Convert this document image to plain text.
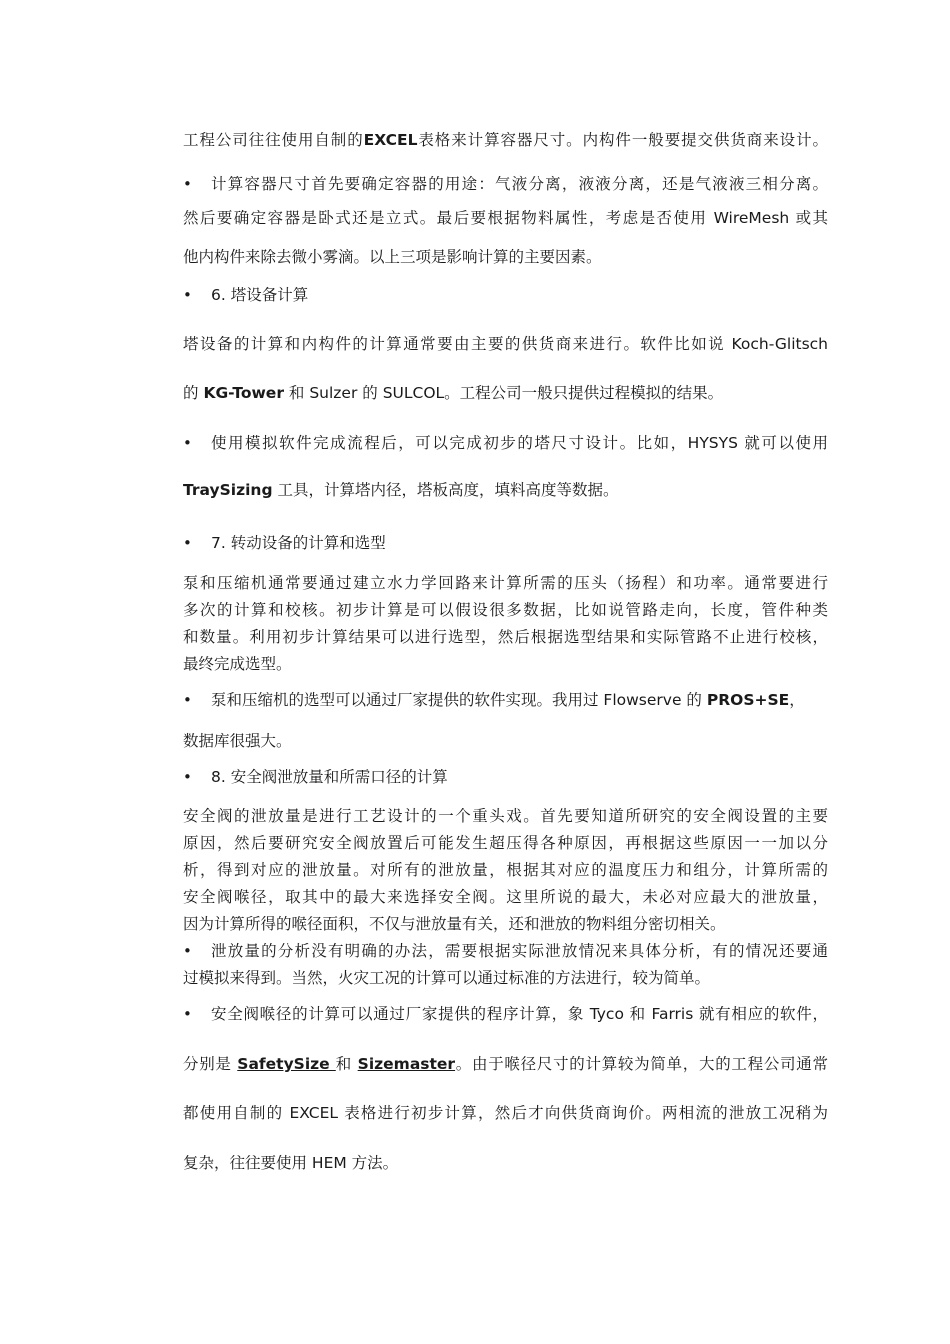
工程公司往往使用自制的EXCEL表格来计算容器尺寸。内构件一般要提交供货商来设计。
• 计算容器尺寸首先要确定容器的用途：气液分离，液液分离，还是气液液三相分离。
然后要确定容器是卧式还是立式。最后要根据物料属性，考虑是否使用 WireMesh 或其
他内构件来除去微小雾滴。以上三项是影响计算的主要因素。
• 6. 塔设备计算
塔设备的计算和内构件的计算通常要由主要的供货商来进行。软件比如说 Koch-Glitsch
的 KG-Tower 和 Sulzer 的 SULCOL。工程公司一般只提供过程模拟的结果。
• 使用模拟软件完成流程后，可以完成初步的塔尺寸设计。比如，HYSYS 就可以使用
TraySizing 工具，计算塔内径，塔板高度，填料高度等数据。
• 7. 转动设备的计算和选型
泵和压缩机通常要通过建立水力学回路来计算所需的压头（扬程）和功率。通常要进行
多次的计算和校核。初步计算是可以假设很多数据，比如说管路走向，长度，管件种类
和数量。利用初步计算结果可以进行选型，然后根据选型结果和实际管路不止进行校核，
最终完成选型。
• 泵和压缩机的选型可以通过厂家提供的软件实现。我用过 Flowserve 的 PROS+SE，
数据库很强大。
• 8. 安全阀泄放量和所需口径的计算
安全阀的泄放量是进行工艺设计的一个重头戏。首先要知道所研究的安全阀设置的主要
原因，然后要研究安全阀放置后可能发生超压得各种原因，再根据这些原因一一加以分
析，得到对应的泄放量。对所有的泄放量，根据其对应的温度压力和组分，计算所需的
安全阀喉径，取其中的最大来选择安全阀。这里所说的最大，未必对应最大的泄放量，
因为计算所得的喉径面积，不仅与泄放量有关，还和泄放的物料组分密切相关。
• 泄放量的分析没有明确的办法，需要根据实际泄放情况来具体分析，有的情况还要通
过模拟来得到。当然，火灾工况的计算可以通过标准的方法进行，较为简单。
• 安全阀喉径的计算可以通过厂家提供的程序计算，象 Tyco 和 Farris 就有相应的软件，
分别是 SafetySize 和 Sizemaster。由于喉径尺寸的计算较为简单，大的工程公司通常
都使用自制的 EXCEL 表格进行初步计算，然后才向供货商询价。两相流的泄放工况稍为
复杂，往往要使用 HEM 方法。
